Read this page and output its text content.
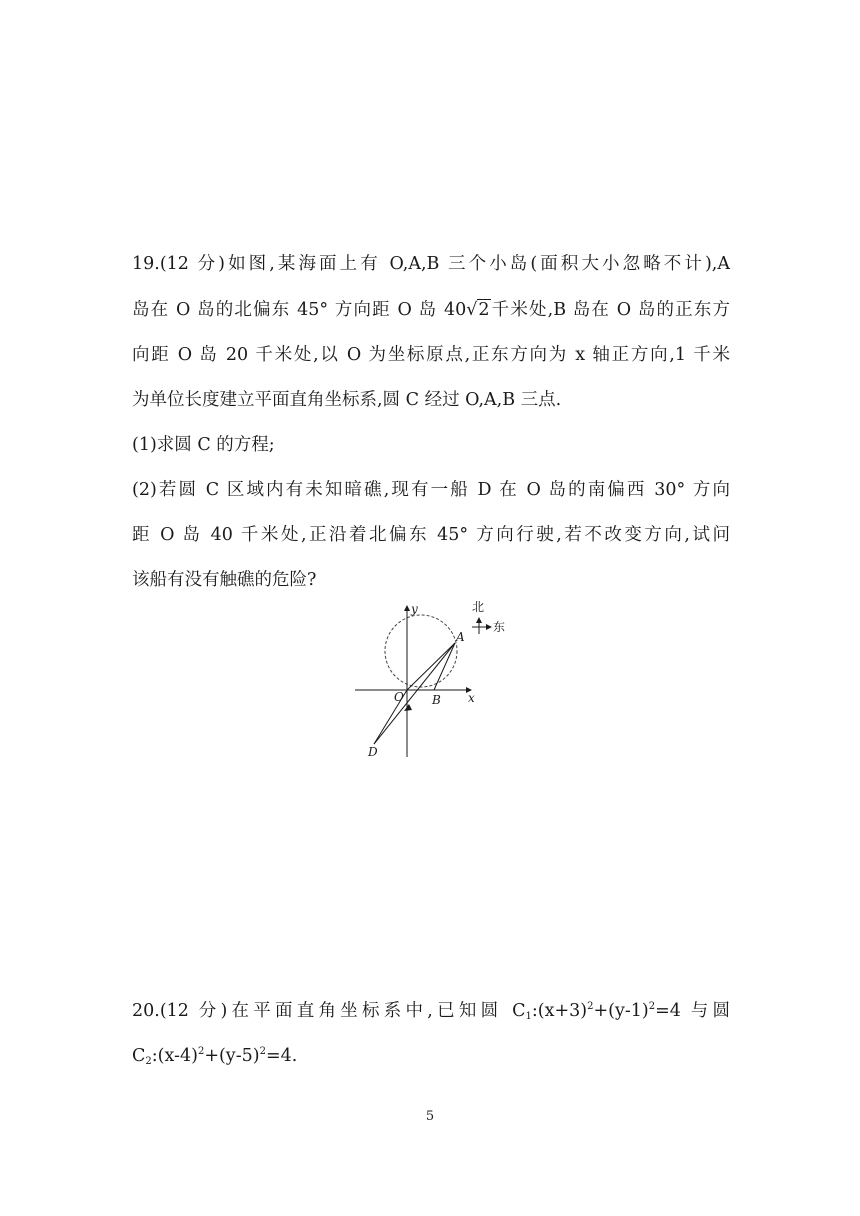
19.(12 分)如图,某海面上有 O,A,B 三个小岛(面积大小忽略不计),A
岛在 O 岛的北偏东 45° 方向距 O 岛 40√2千米处,B 岛在 O 岛的正东方
向距 O 岛 20 千米处,以 O 为坐标原点,正东方向为 x 轴正方向,1 千米
为单位长度建立平面直角坐标系,圆 C 经过 O,A,B 三点.
(1)求圆 C 的方程;
(2)若圆 C 区域内有未知暗礁,现有一船 D 在 O 岛的南偏西 30° 方向
距 O 岛 40 千米处,正沿着北偏东 45° 方向行驶,若不改变方向,试问
该船有没有触礁的危险?
y
x
O
A
B
D
北
东
20.(12 分)在平面直角坐标系中,已知圆 $C_1:(x+3)^2+(y-1)^2=4$ 与圆
$C_2:(x-4)^2+(y-5)^2=4$.
5
